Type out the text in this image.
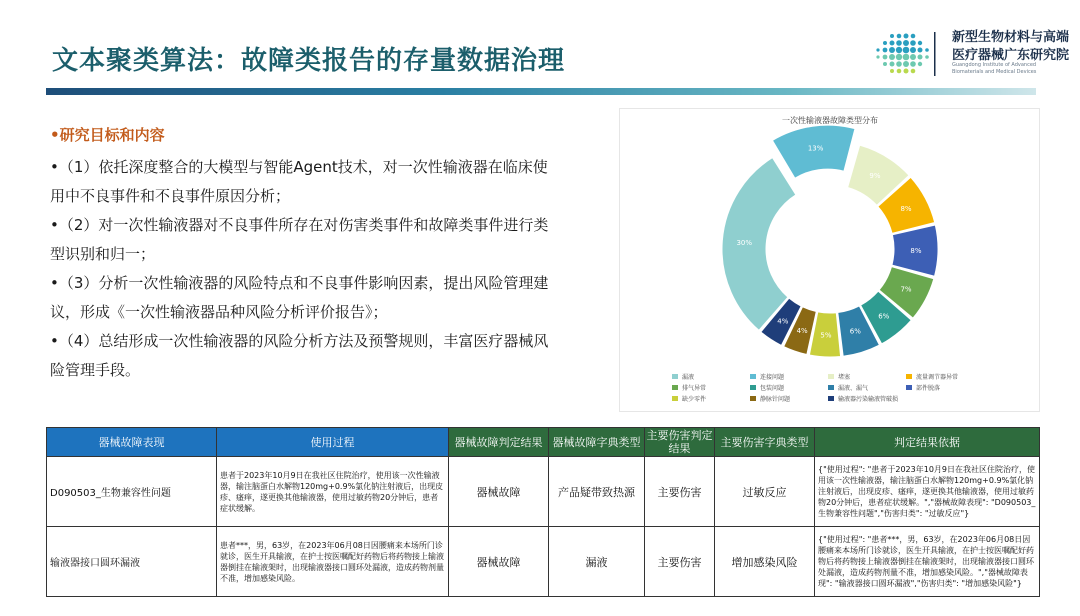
文本聚类算法：故障类报告的存量数据治理
新型生物材料与高端
医疗器械广东研究院
Guangdong Institute of Advanced Biomaterials and Medical Devices
•研究目标和内容
•（1）依托深度整合的大模型与智能Agent技术，对一次性输液器在临床使
用中不良事件和不良事件原因分析；
•（2）对一次性输液器对不良事件所存在对伤害类事件和故障类事件进行类
型识别和归一；
•（3）分析一次性输液器的风险特点和不良事件影响因素，提出风险管理建
议，形成《一次性输液器品种风险分析评价报告》；
•（4）总结形成一次性输液器的风险分析方法及预警规则，丰富医疗器械风
险管理手段。
一次性输液器故障类型分布
13%
9%
8%
8%
7%
6%
6%
5%
4%
4%
30%
漏液	连接问题	堵塞	流量调节器异常
排气异常	包装问题	漏液、漏气	部件脱落
缺少零件	静脉针问题	输液器污染输液管破损
器械故障表现	使用过程	器械故障判定结果	器械故障字典类型	主要伤害判定结果	主要伤害字典类型	判定结果依据
D090503_生物兼容性问题	患者于2023年10月9日在我社区住院治疗，使用该一次性输液器，输注脑蛋白水解物120mg+0.9%氯化钠注射液后，出现皮疹、瘙痒，遂更换其他输液器，使用过敏药物20分钟后，患者症状缓解。	器械故障	产品疑带致热源	主要伤害	过敏反应	{"使用过程": "患者于2023年10月9日在我社区住院治疗，使用该一次性输液器，输注脑蛋白水解物120mg+0.9%氯化钠注射液后，出现皮疹、瘙痒，遂更换其他输液器，使用过敏药物20分钟后，患者症状缓解。","器械故障表现": "D090503_生物兼容性问题","伤害归类": "过敏反应"}
输液器接口圆环漏液	患者***，男，63岁，在2023年06月08日因腰痛来本场所门诊就诊，医生开具输液，在护士按医嘱配好药物后将药物接上输液器倒挂在输液架时，出现输液器接口圆环处漏液，造成药物剂量不准，增加感染风险。	器械故障	漏液	主要伤害	增加感染风险	{"使用过程": "患者***，男，63岁，在2023年06月08日因腰痛来本场所门诊就诊，医生开具输液，在护士按医嘱配好药物后将药物接上输液器倒挂在输液架时，出现输液器接口圆环处漏液，造成药物剂量不准，增加感染风险。","器械故障表现": "输液器接口圆环漏液","伤害归类": "增加感染风险"}
